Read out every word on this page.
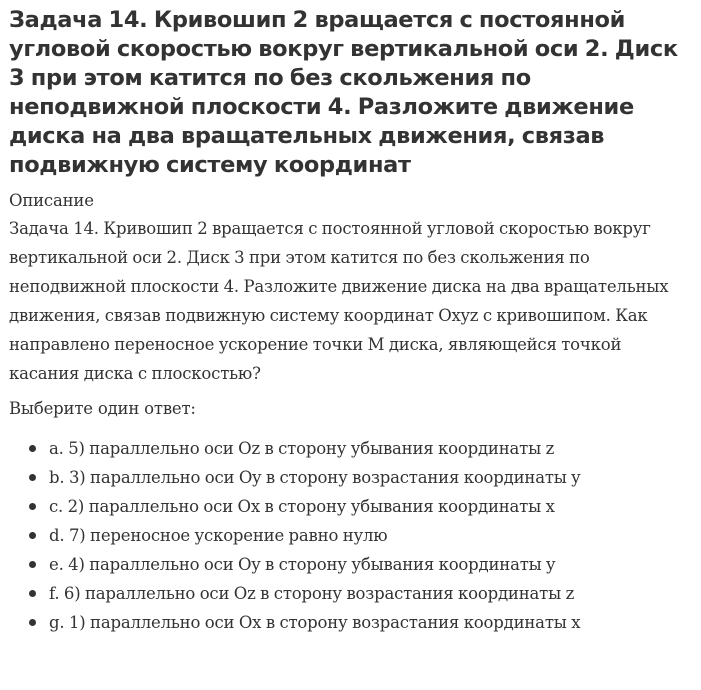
Задача 14. Кривошип 2 вращается с постоянной угловой скоростью вокруг вертикальной оси 2. Диск 3 при этом катится по без скольжения по неподвижной плоскости 4. Разложите движение диска на два вращательных движения, связав подвижную систему координат
Описание

Задача 14. Кривошип 2 вращается с постоянной угловой скоростью вокруг вертикальной оси 2. Диск 3 при этом катится по без скольжения по неподвижной плоскости 4. Разложите движение диска на два вращательных движения, связав подвижную систему координат Oxyz с кривошипом. Как направлено переносное ускорение точки M диска, являющейся точкой касания диска с плоскостью?

Выберите один ответ:
a. 5) параллельно оси Oz в сторону убывания координаты z
b. 3) параллельно оси Oy в сторону возрастания координаты y
c. 2) параллельно оси Ox в сторону убывания координаты x
d. 7) переносное ускорение равно нулю
e. 4) параллельно оси Oy в сторону убывания координаты y
f. 6) параллельно оси Oz в сторону возрастания координаты z
g. 1) параллельно оси Ox в сторону возрастания координаты x
